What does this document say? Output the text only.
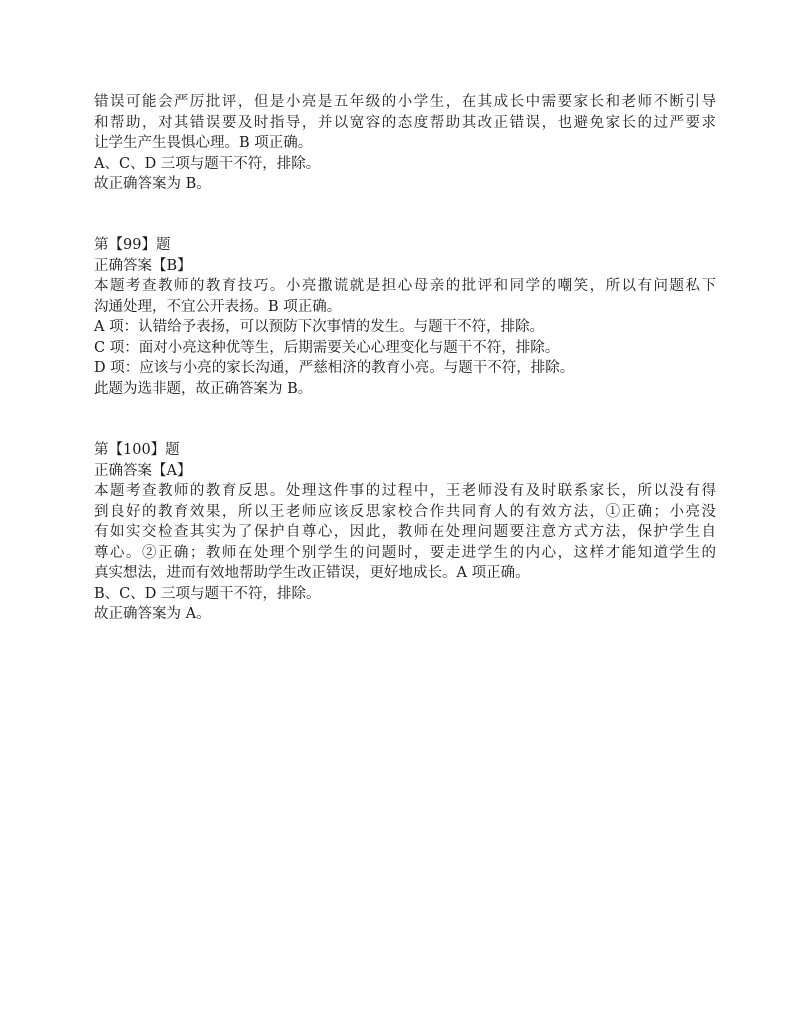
错误可能会严厉批评，但是小亮是五年级的小学生，在其成长中需要家长和老师不断引导
和帮助，对其错误要及时指导，并以宽容的态度帮助其改正错误，也避免家长的过严要求
让学生产生畏惧心理。B 项正确。
A、C、D 三项与题干不符，排除。
故正确答案为 B。
第【99】题
正确答案【B】
本题考查教师的教育技巧。小亮撒谎就是担心母亲的批评和同学的嘲笑，所以有问题私下
沟通处理，不宜公开表扬。B 项正确。
A 项：认错给予表扬，可以预防下次事情的发生。与题干不符，排除。
C 项：面对小亮这种优等生，后期需要关心心理变化与题干不符，排除。
D 项：应该与小亮的家长沟通，严慈相济的教育小亮。与题干不符，排除。
此题为选非题，故正确答案为 B。
第【100】题
正确答案【A】
本题考查教师的教育反思。处理这件事的过程中，王老师没有及时联系家长，所以没有得
到良好的教育效果，所以王老师应该反思家校合作共同育人的有效方法，①正确；小亮没
有如实交检查其实为了保护自尊心，因此，教师在处理问题要注意方式方法，保护学生自
尊心。②正确；教师在处理个别学生的问题时，要走进学生的内心，这样才能知道学生的
真实想法，进而有效地帮助学生改正错误，更好地成长。A 项正确。
B、C、D 三项与题干不符，排除。
故正确答案为 A。
